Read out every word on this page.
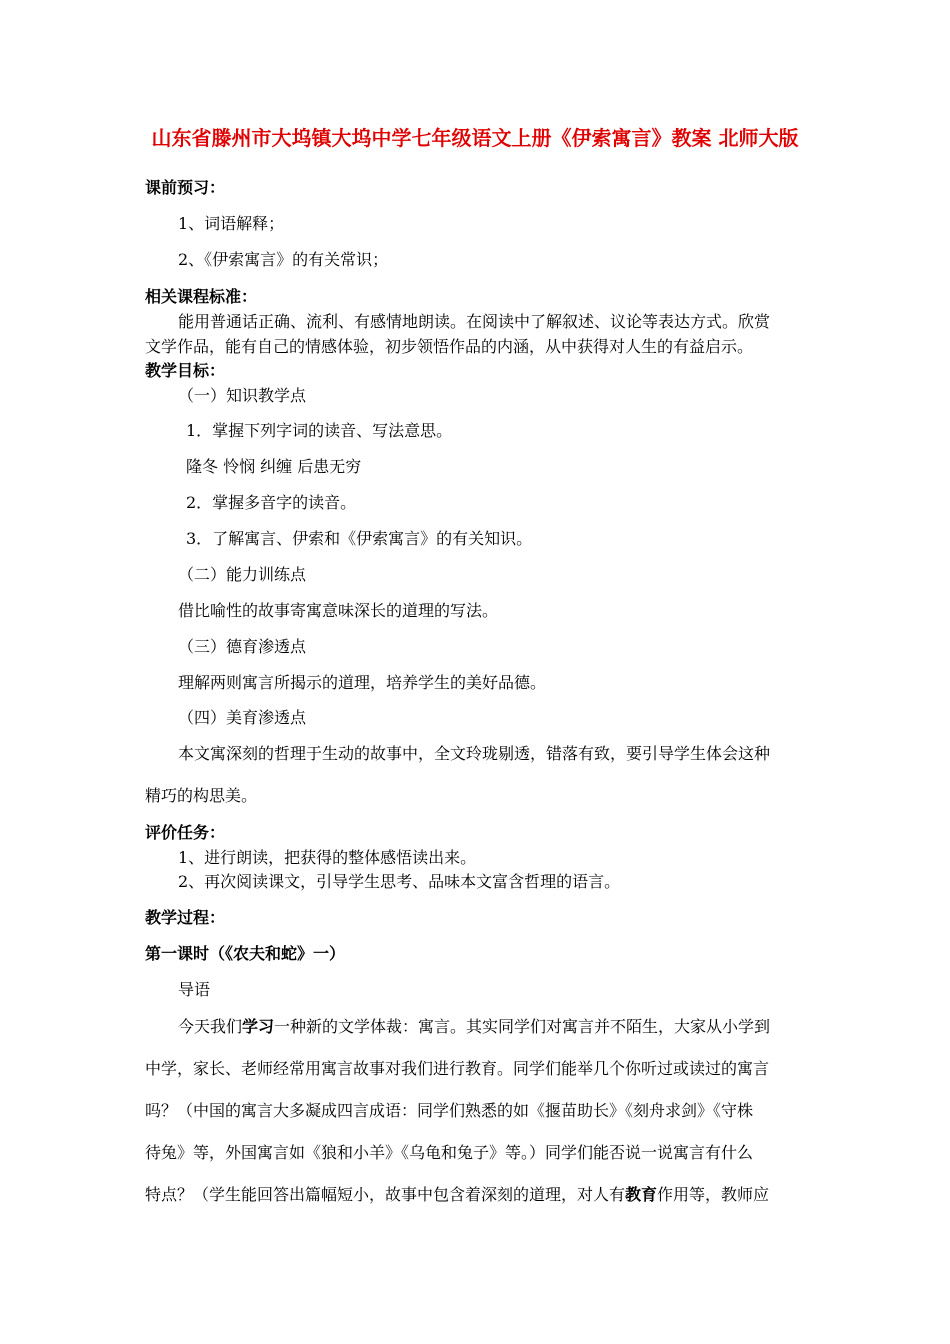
山东省滕州市大坞镇大坞中学七年级语文上册《伊索寓言》教案 北师大版
课前预习：
1、词语解释；
2、《伊索寓言》的有关常识；
相关课程标准：
能用普通话正确、流利、有感情地朗读。在阅读中了解叙述、议论等表达方式。欣赏
文学作品，能有自己的情感体验，初步领悟作品的内涵，从中获得对人生的有益启示。
教学目标：
（一）知识教学点
1．掌握下列字词的读音、写法意思。
隆冬 怜悯 纠缠 后患无穷
2．掌握多音字的读音。
3．了解寓言、伊索和《伊索寓言》的有关知识。
（二）能力训练点
借比喻性的故事寄寓意味深长的道理的写法。
（三）德育渗透点
理解两则寓言所揭示的道理，培养学生的美好品德。
（四）美育渗透点
本文寓深刻的哲理于生动的故事中，全文玲珑剔透，错落有致，要引导学生体会这种
精巧的构思美。
评价任务：
1、进行朗读，把获得的整体感悟读出来。
2、再次阅读课文，引导学生思考、品味本文富含哲理的语言。
教学过程：
第一课时（《农夫和蛇》一）
导语
今天我们学习一种新的文学体裁：寓言。其实同学们对寓言并不陌生，大家从小学到
中学，家长、老师经常用寓言故事对我们进行教育。同学们能举几个你听过或读过的寓言
吗？（中国的寓言大多凝成四言成语：同学们熟悉的如《揠苗助长》《刻舟求剑》《守株
待兔》等，外国寓言如《狼和小羊》《乌龟和兔子》等。）同学们能否说一说寓言有什么
特点？（学生能回答出篇幅短小，故事中包含着深刻的道理，对人有教育作用等，教师应
